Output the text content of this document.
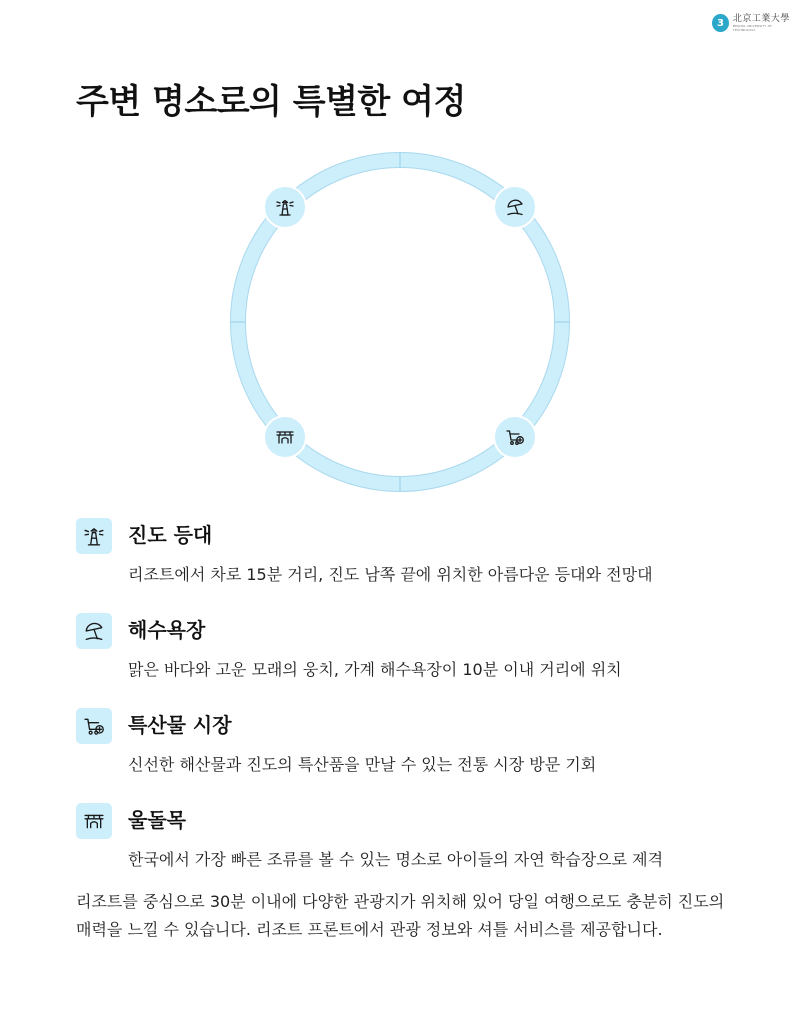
3 北京工業大學
BEIJING UNIVERSITY OF TECHNOLOGY
주변 명소로의 특별한 여정
진도 등대

리조트에서 차로 15분 거리, 진도 남쪽 끝에 위치한 아름다운 등대와 전망대

해수욕장

맑은 바다와 고운 모래의 웅치, 가계 해수욕장이 10분 이내 거리에 위치

특산물 시장

신선한 해산물과 진도의 특산품을 만날 수 있는 전통 시장 방문 기회

울돌목

한국에서 가장 빠른 조류를 볼 수 있는 명소로 아이들의 자연 학습장으로 제격

리조트를 중심으로 30분 이내에 다양한 관광지가 위치해 있어 당일 여행으로도 충분히 진도의 매력을 느낄 수 있습니다. 리조트 프론트에서 관광 정보와 셔틀 서비스를 제공합니다.
